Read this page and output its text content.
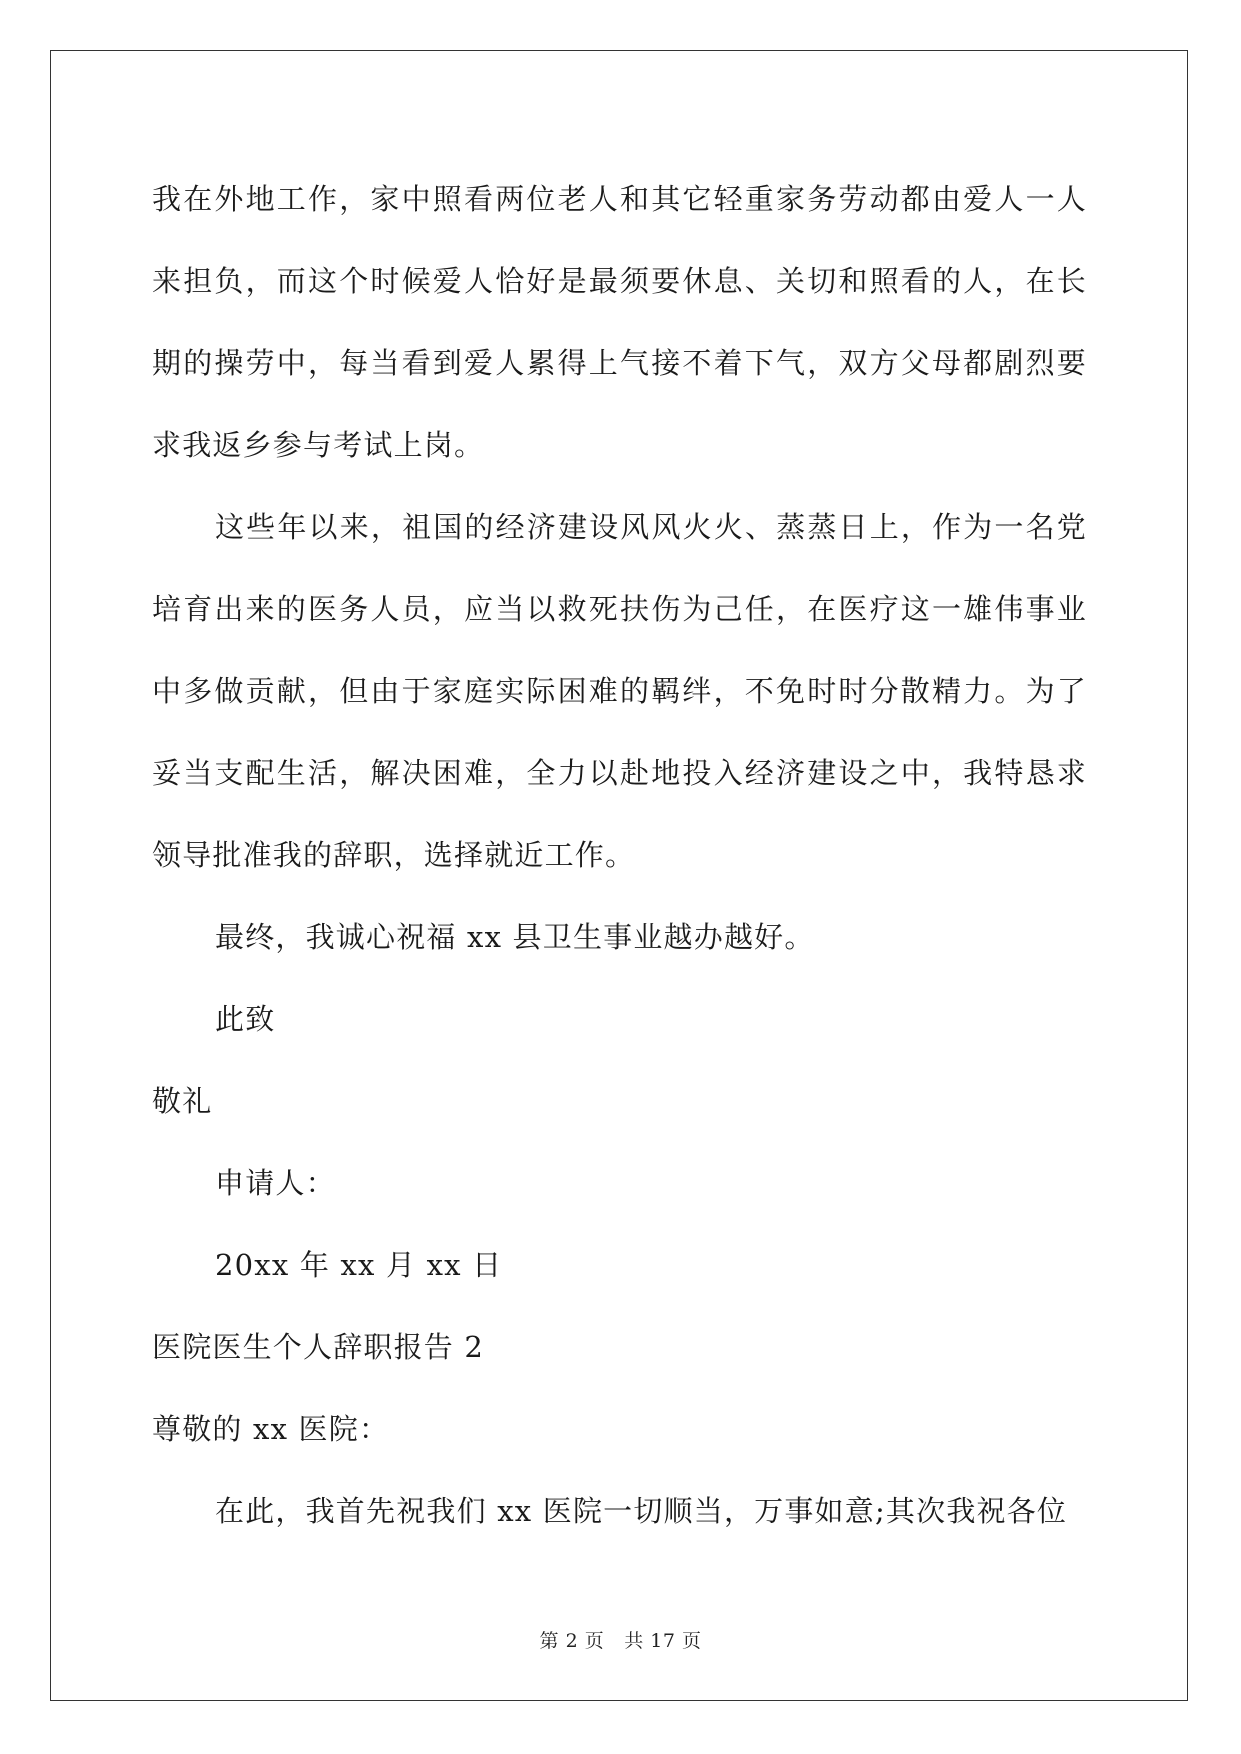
我在外地工作，家中照看两位老人和其它轻重家务劳动都由爱人一人来担负，而这个时候爱人恰好是最须要休息、关切和照看的人，在长期的操劳中，每当看到爱人累得上气接不着下气，双方父母都剧烈要求我返乡参与考试上岗。

这些年以来，祖国的经济建设风风火火、蒸蒸日上，作为一名党培育出来的医务人员，应当以救死扶伤为己任，在医疗这一雄伟事业中多做贡献，但由于家庭实际困难的羁绊，不免时时分散精力。为了妥当支配生活，解决困难，全力以赴地投入经济建设之中，我特恳求领导批准我的辞职，选择就近工作。

最终，我诚心祝福 xx 县卫生事业越办越好。

此致

敬礼

申请人：

20xx 年 xx 月 xx 日

医院医生个人辞职报告 2

尊敬的 xx 医院：

在此，我首先祝我们 xx 医院一切顺当，万事如意;其次我祝各位

第 2 页 共 17 页
